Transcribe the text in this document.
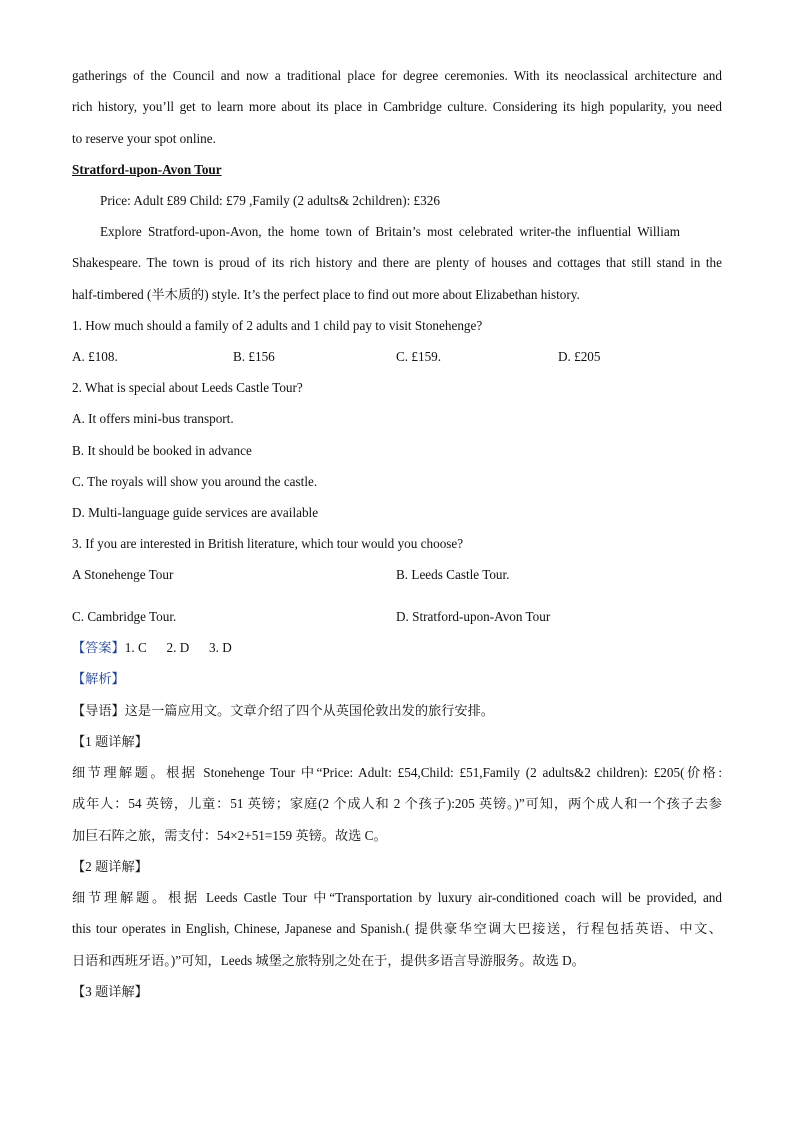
gatherings of the Council and now a traditional place for degree ceremonies. With its neoclassical architecture and
rich history, you’ll get to learn more about its place in Cambridge culture. Considering its high popularity, you need
to reserve your spot online.
Stratford-upon-Avon Tour
Price: Adult £89 Child: £79 ,Family (2 adults& 2children): £326
Explore Stratford-upon-Avon, the home town of Britain’s most celebrated writer-the influential William
Shakespeare. The town is proud of its rich history and there are plenty of houses and cottages that still stand in the
half-timbered (半木质的) style. It’s the perfect place to find out more about Elizabethan history.
1. How much should a family of 2 adults and 1 child pay to visit Stonehenge?
A. £108.	B. £156	C. £159.	D. £205
2. What is special about Leeds Castle Tour?
A. It offers mini-bus transport.
B. It should be booked in advance
C. The royals will show you around the castle.
D. Multi-language guide services are available
3. If you are interested in British literature, which tour would you choose?
A Stonehenge Tour	B. Leeds Castle Tour.
C. Cambridge Tour.	D. Stratford-upon-Avon Tour
【答案】1. C      2. D      3. D
【解析】
【导语】这是一篇应用文。文章介绍了四个从英国伦敦出发的旅行安排。
【1 题详解】
细节理解题。根据 Stonehenge Tour 中“Price: Adult: £54,Child: £51,Family (2 adults&2 children): £205(价格:
成年人：54 英镑，儿童：51 英镑；家庭(2 个成人和 2 个孩子):205 英镑。)”可知，两个成人和一个孩子去参
加巨石阵之旅，需支付：54×2+51=159 英镑。故选 C。
【2 题详解】
细节理解题。根据 Leeds Castle Tour 中“Transportation by luxury air-conditioned coach will be provided, and
this tour operates in English, Chinese, Japanese and Spanish.( 提供豪华空调大巴接送，行程包括英语、中文、
日语和西班牙语。)”可知，Leeds 城堡之旅特别之处在于，提供多语言导游服务。故选 D。
【3 题详解】
